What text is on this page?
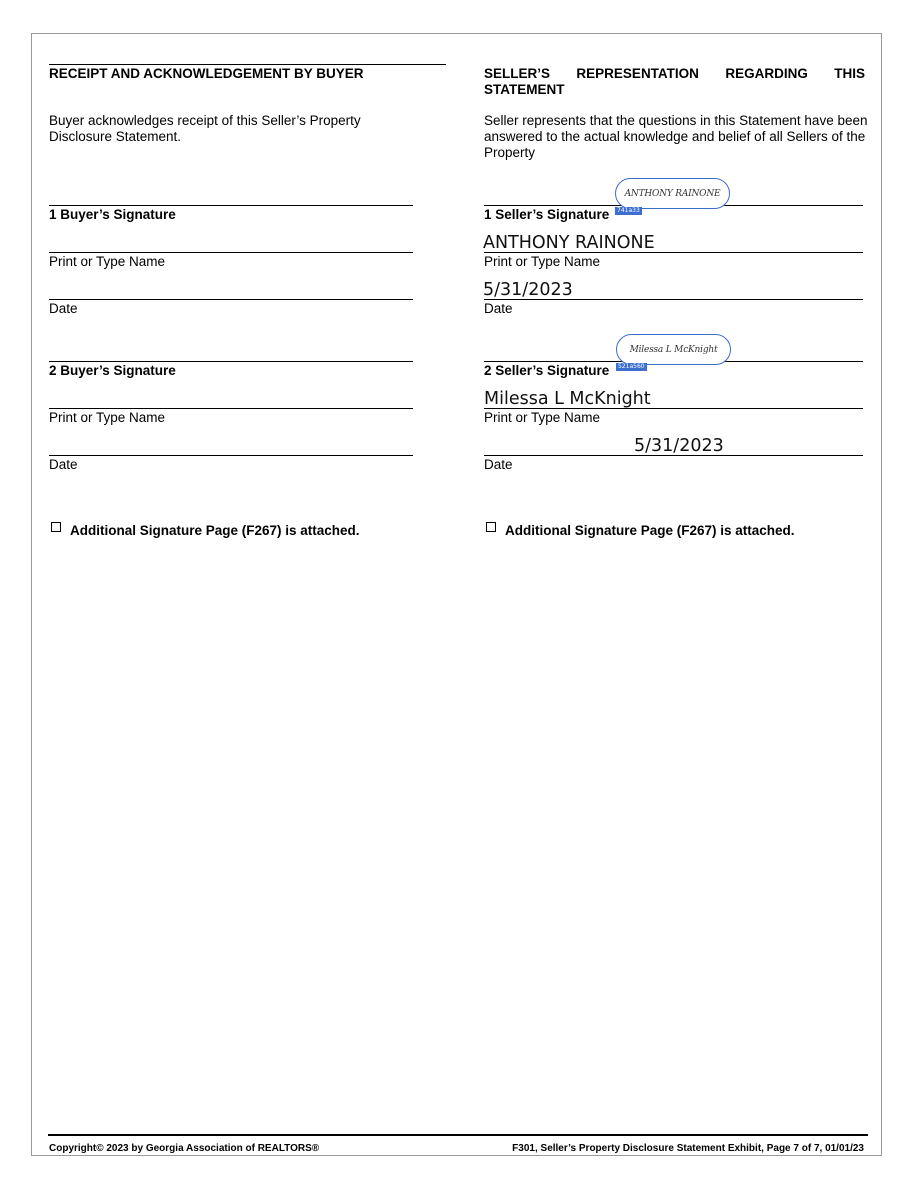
RECEIPT AND ACKNOWLEDGEMENT BY BUYER
Buyer acknowledges receipt of this Seller’s Property Disclosure Statement.
1 Buyer’s Signature
Print or Type Name
Date
2 Buyer’s Signature
Print or Type Name
Date
Additional Signature Page (F267) is attached.
SELLER’S REPRESENTATION REGARDING THIS
STATEMENT
Seller represents that the questions in this Statement have been answered to the actual knowledge and belief of all Sellers of the Property
ANTHONY RAINONE
741a33
1 Seller’s Signature
ANTHONY RAINONE
Print or Type Name
5/31/2023
Date
Milessa L McKnight
521a560
2 Seller’s Signature
Milessa L McKnight
Print or Type Name
5/31/2023
Date
Additional Signature Page (F267) is attached.
Copyright© 2023 by Georgia Association of REALTORS®	F301, Seller’s Property Disclosure Statement Exhibit, Page 7 of 7, 01/01/23
